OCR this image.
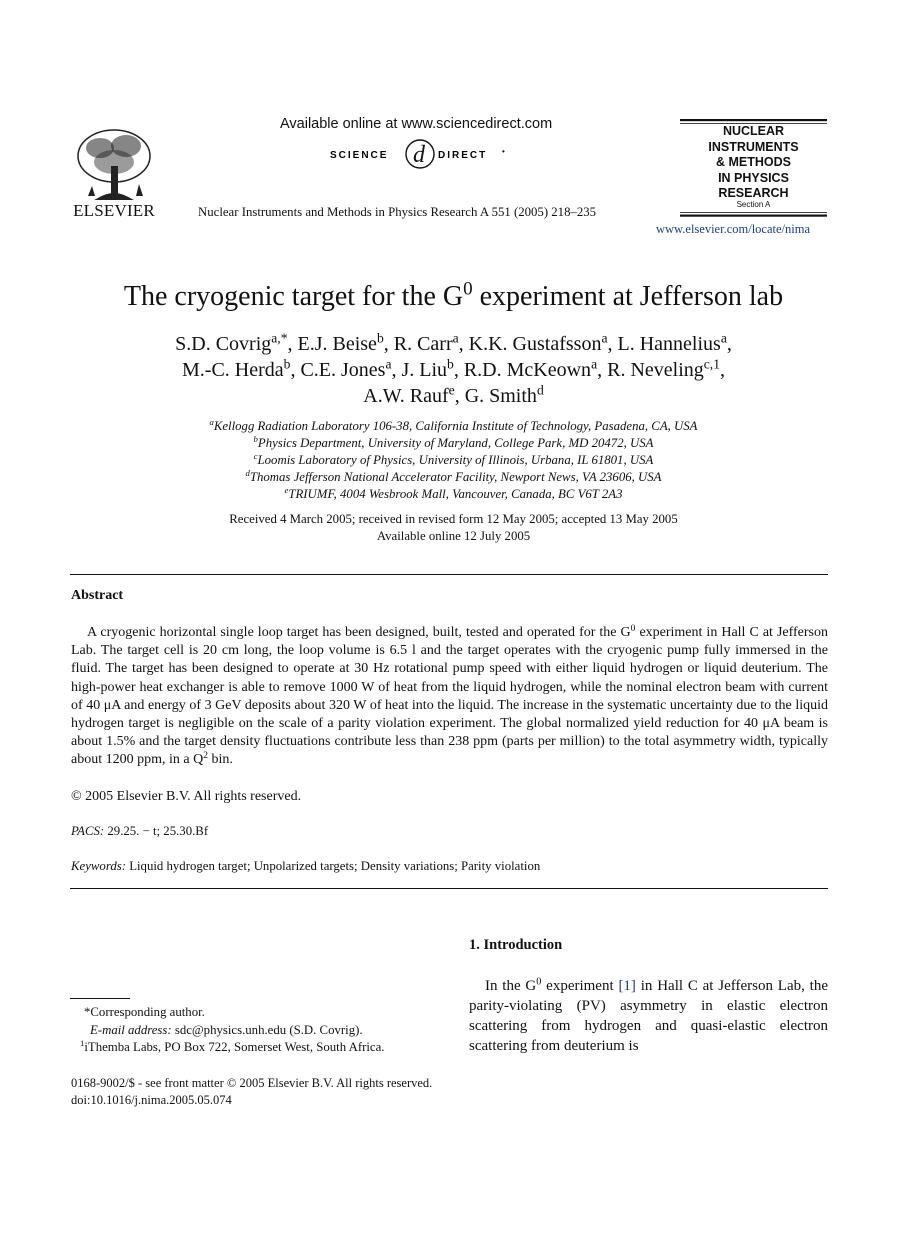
ELSEVIER
Available online at www.sciencedirect.com
SCIENCE d DIRECT •
Nuclear Instruments and Methods in Physics Research A 551 (2005) 218–235
NUCLEAR
INSTRUMENTS
& METHODS
IN PHYSICS
RESEARCH
Section A
www.elsevier.com/locate/nima
The cryogenic target for the $G^0$ experiment at Jefferson lab
S.D. Covrig$^{a,*}$, E.J. Beise$^b$, R. Carr$^a$, K.K. Gustafsson$^a$, L. Hannelius$^a$,
M.-C. Herda$^b$, C.E. Jones$^a$, J. Liu$^b$, R.D. McKeown$^a$, R. Neveling$^{c,1}$,
A.W. Rauf$^e$, G. Smith$^d$
$^a$Kellogg Radiation Laboratory 106-38, California Institute of Technology, Pasadena, CA, USA
$^b$Physics Department, University of Maryland, College Park, MD 20472, USA
$^c$Loomis Laboratory of Physics, University of Illinois, Urbana, IL 61801, USA
$^d$Thomas Jefferson National Accelerator Facility, Newport News, VA 23606, USA
$^e$TRIUMF, 4004 Wesbrook Mall, Vancouver, Canada, BC V6T 2A3
Received 4 March 2005; received in revised form 12 May 2005; accepted 13 May 2005
Available online 12 July 2005
Abstract
A cryogenic horizontal single loop target has been designed, built, tested and operated for the $G^0$ experiment in Hall C at Jefferson Lab. The target cell is 20 cm long, the loop volume is 6.5 l and the target operates with the cryogenic pump fully immersed in the fluid. The target has been designed to operate at 30 Hz rotational pump speed with either liquid hydrogen or liquid deuterium. The high-power heat exchanger is able to remove 1000 W of heat from the liquid hydrogen, while the nominal electron beam with current of 40 μA and energy of 3 GeV deposits about 320 W of heat into the liquid. The increase in the systematic uncertainty due to the liquid hydrogen target is negligible on the scale of a parity violation experiment. The global normalized yield reduction for 40 μA beam is about 1.5% and the target density fluctuations contribute less than 238 ppm (parts per million) to the total asymmetry width, typically about 1200 ppm, in a $Q^2$ bin.
© 2005 Elsevier B.V. All rights reserved.
PACS: 29.25. − t; 25.30.Bf
Keywords: Liquid hydrogen target; Unpolarized targets; Density variations; Parity violation
1. Introduction
In the $G^0$ experiment [1] in Hall C at Jefferson Lab, the parity-violating (PV) asymmetry in elastic electron scattering from hydrogen and quasi-elastic electron scattering from deuterium is
*Corresponding author.
E-mail address: sdc@physics.unh.edu (S.D. Covrig).
$^1$iThemba Labs, PO Box 722, Somerset West, South Africa.
0168-9002/$ - see front matter © 2005 Elsevier B.V. All rights reserved.
doi:10.1016/j.nima.2005.05.074
